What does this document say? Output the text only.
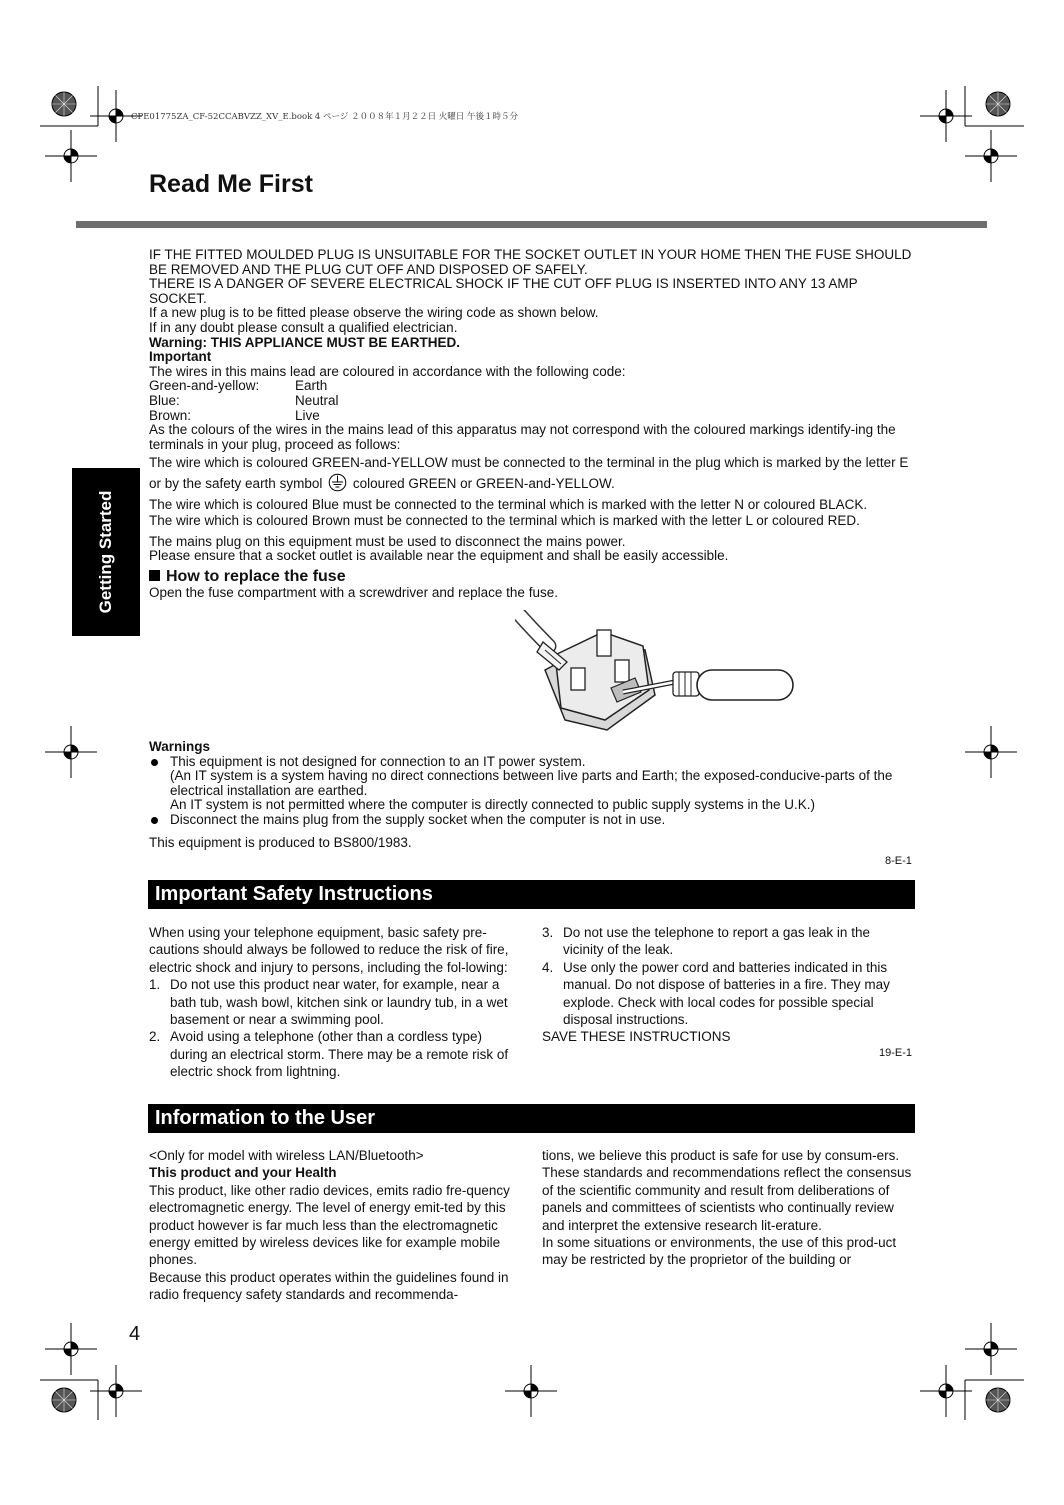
CPE01775ZA_CF-52CCABVZZ_XV_E.book 4 ページ ２００８年１月２２日 火曜日 午後１時５分
Read Me First
Getting Started

IF THE FITTED MOULDED PLUG IS UNSUITABLE FOR THE SOCKET OUTLET IN YOUR HOME THEN THE FUSE SHOULD BE REMOVED AND THE PLUG CUT OFF AND DISPOSED OF SAFELY.

THERE IS A DANGER OF SEVERE ELECTRICAL SHOCK IF THE CUT OFF PLUG IS INSERTED INTO ANY 13 AMP SOCKET.

If a new plug is to be fitted please observe the wiring code as shown below.

If in any doubt please consult a qualified electrician.

Warning: THIS APPLIANCE MUST BE EARTHED.

Important

The wires in this mains lead are coloured in accordance with the following code:

Green-and-yellow:	Earth

Blue:	Neutral

Brown:	Live

As the colours of the wires in the mains lead of this apparatus may not correspond with the coloured markings identify-ing the terminals in your plug, proceed as follows:

The wire which is coloured GREEN-and-YELLOW must be connected to the terminal in the plug which is marked by the letter E or by the safety earth symbol coloured GREEN or GREEN-and-YELLOW.

The wire which is coloured Blue must be connected to the terminal which is marked with the letter N or coloured BLACK.

The wire which is coloured Brown must be connected to the terminal which is marked with the letter L or coloured RED.

The mains plug on this equipment must be used to disconnect the mains power.

Please ensure that a socket outlet is available near the equipment and shall be easily accessible.

How to replace the fuse

Open the fuse compartment with a screwdriver and replace the fuse.

Warnings

This equipment is not designed for connection to an IT power system.

(An IT system is a system having no direct connections between live parts and Earth; the exposed-conducive-parts of the electrical installation are earthed.

An IT system is not permitted where the computer is directly connected to public supply systems in the U.K.)

Disconnect the mains plug from the supply socket when the computer is not in use.

This equipment is produced to BS800/1983.

8-E-1
Important Safety Instructions

When using your telephone equipment, basic safety pre-cautions should always be followed to reduce the risk of fire, electric shock and injury to persons, including the fol-lowing:

1. Do not use this product near water, for example, near a bath tub, wash bowl, kitchen sink or laundry tub, in a wet basement or near a swimming pool.
2. Avoid using a telephone (other than a cordless type) during an electrical storm. There may be a remote risk of electric shock from lightning.
3. Do not use the telephone to report a gas leak in the vicinity of the leak.
4. Use only the power cord and batteries indicated in this manual. Do not dispose of batteries in a fire. They may explode. Check with local codes for possible special disposal instructions.

SAVE THESE INSTRUCTIONS

19-E-1
Information to the User

<Only for model with wireless LAN/Bluetooth>

This product and your Health

This product, like other radio devices, emits radio fre-quency electromagnetic energy. The level of energy emit-ted by this product however is far much less than the electromagnetic energy emitted by wireless devices like for example mobile phones.

Because this product operates within the guidelines found in radio frequency safety standards and recommenda-

tions, we believe this product is safe for use by consum-ers. These standards and recommendations reflect the consensus of the scientific community and result from deliberations of panels and committees of scientists who continually review and interpret the extensive research lit-erature.

In some situations or environments, the use of this prod-uct may be restricted by the proprietor of the building or

4
